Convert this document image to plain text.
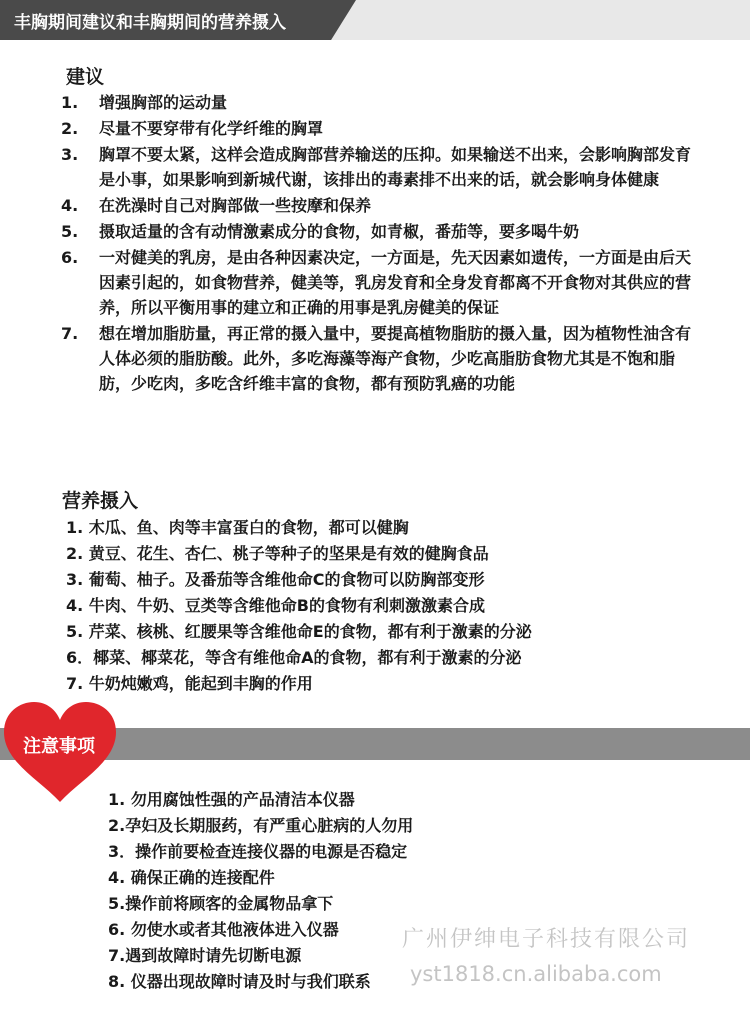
丰胸期间建议和丰胸期间的营养摄入
建议
1. 增强胸部的运动量
2. 尽量不要穿带有化学纤维的胸罩
3. 胸罩不要太紧，这样会造成胸部营养输送的压抑。如果输送不出来，会影响胸部发育是小事，如果影响到新城代谢，该排出的毒素排不出来的话，就会影响身体健康
4. 在洗澡时自己对胸部做一些按摩和保养
5. 摄取适量的含有动情激素成分的食物，如青椒，番茄等，要多喝牛奶
6. 一对健美的乳房，是由各种因素决定，一方面是，先天因素如遗传，一方面是由后天因素引起的，如食物营养，健美等，乳房发育和全身发育都离不开食物对其供应的营养，所以平衡用事的建立和正确的用事是乳房健美的保证
7. 想在增加脂肪量，再正常的摄入量中，要提高植物脂肪的摄入量，因为植物性油含有人体必须的脂肪酸。此外，多吃海藻等海产食物，少吃高脂肪食物尤其是不饱和脂肪，少吃肉，多吃含纤维丰富的食物，都有预防乳癌的功能
营养摄入
1. 木瓜、鱼、肉等丰富蛋白的食物，都可以健胸
2. 黄豆、花生、杏仁、桃子等种子的坚果是有效的健胸食品
3. 葡萄、柚子。及番茄等含维他命C的食物可以防胸部变形
4. 牛肉、牛奶、豆类等含维他命B的食物有利刺激激素合成
5. 芹菜、核桃、红腰果等含维他命E的食物，都有利于激素的分泌
6．椰菜、椰菜花，等含有维他命A的食物，都有利于激素的分泌
7. 牛奶炖嫩鸡，能起到丰胸的作用
注意事项
1. 勿用腐蚀性强的产品清洁本仪器
2.孕妇及长期服药，有严重心脏病的人勿用
3．操作前要检查连接仪器的电源是否稳定
4. 确保正确的连接配件
5.操作前将顾客的金属物品拿下
6. 勿使水或者其他液体进入仪器
7.遇到故障时请先切断电源
8. 仪器出现故障时请及时与我们联系
广州伊绅电子科技有限公司
yst1818.cn.alibaba.com
